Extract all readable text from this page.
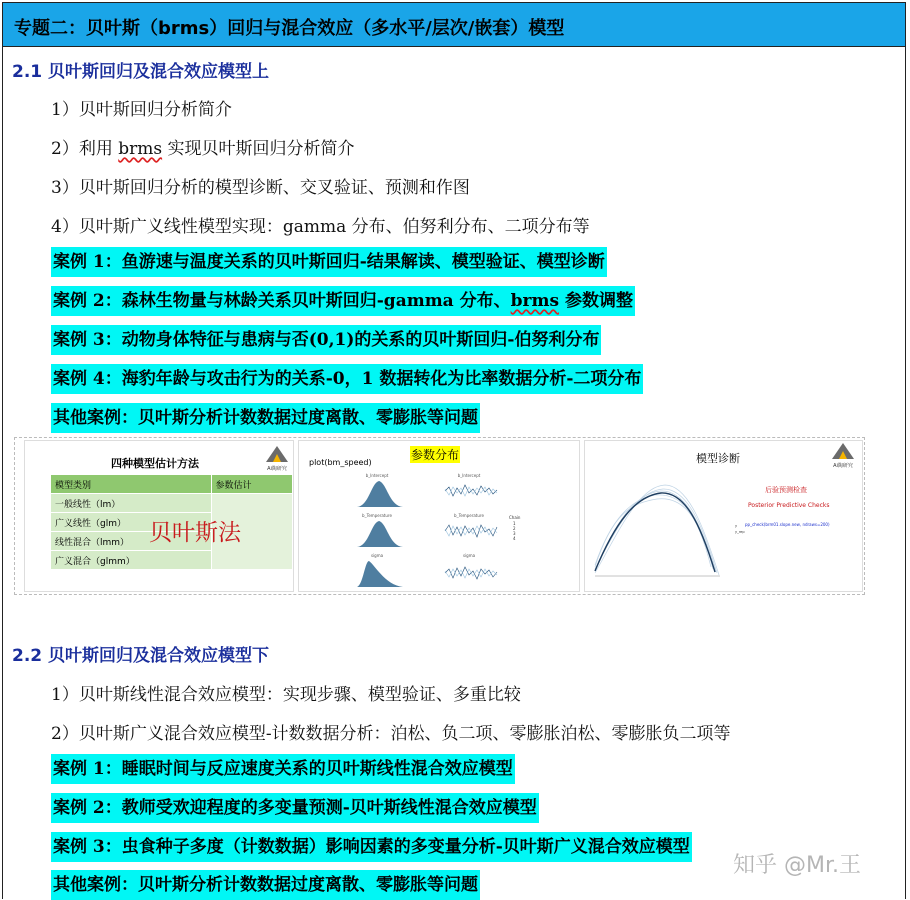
专题二：贝叶斯（brms）回归与混合效应（多水平/层次/嵌套）模型
2.1 贝叶斯回归及混合效应模型上
1）贝叶斯回归分析简介
2）利用 brms 实现贝叶斯回归分析简介
3）贝叶斯回归分析的模型诊断、交叉验证、预测和作图
4）贝叶斯广义线性模型实现：gamma 分布、伯努利分布、二项分布等
案例 1：鱼游速与温度关系的贝叶斯回归-结果解读、模型验证、模型诊断
案例 2：森林生物量与林龄关系贝叶斯回归-gamma 分布、brms 参数调整
案例 3：动物身体特征与患病与否(0,1)的关系的贝叶斯回归-伯努利分布
案例 4：海豹年龄与攻击行为的关系-0，1 数据转化为比率数据分析-二项分布
其他案例：贝叶斯分析计数数据过度离散、零膨胀等问题
四种模型估计方法	Ai陶研究
模型类别	参数估计
一般线性（lm）	
广义线性（glm）	
线性混合（lmm）	
广义混合（glmm）	
贝叶斯法
参数分布
plot(bm_speed)
b_Intercept	b_Intercept
b_Temperature	b_Temperature
sigma	sigma
Chain
1
2
3
4
模型诊断
Ai陶研究
y
y_rep
后验预测检查
Posterior Predictive Checks
pp_check(brm01.slope.new, ndraws=200)
2.2 贝叶斯回归及混合效应模型下
1）贝叶斯线性混合效应模型：实现步骤、模型验证、多重比较
2）贝叶斯广义混合效应模型-计数数据分析：泊松、负二项、零膨胀泊松、零膨胀负二项等
案例 1：睡眠时间与反应速度关系的贝叶斯线性混合效应模型
案例 2：教师受欢迎程度的多变量预测-贝叶斯线性混合效应模型
案例 3：虫食种子多度（计数数据）影响因素的多变量分析-贝叶斯广义混合效应模型
其他案例：贝叶斯分析计数数据过度离散、零膨胀等问题
知乎 @Mr.王
